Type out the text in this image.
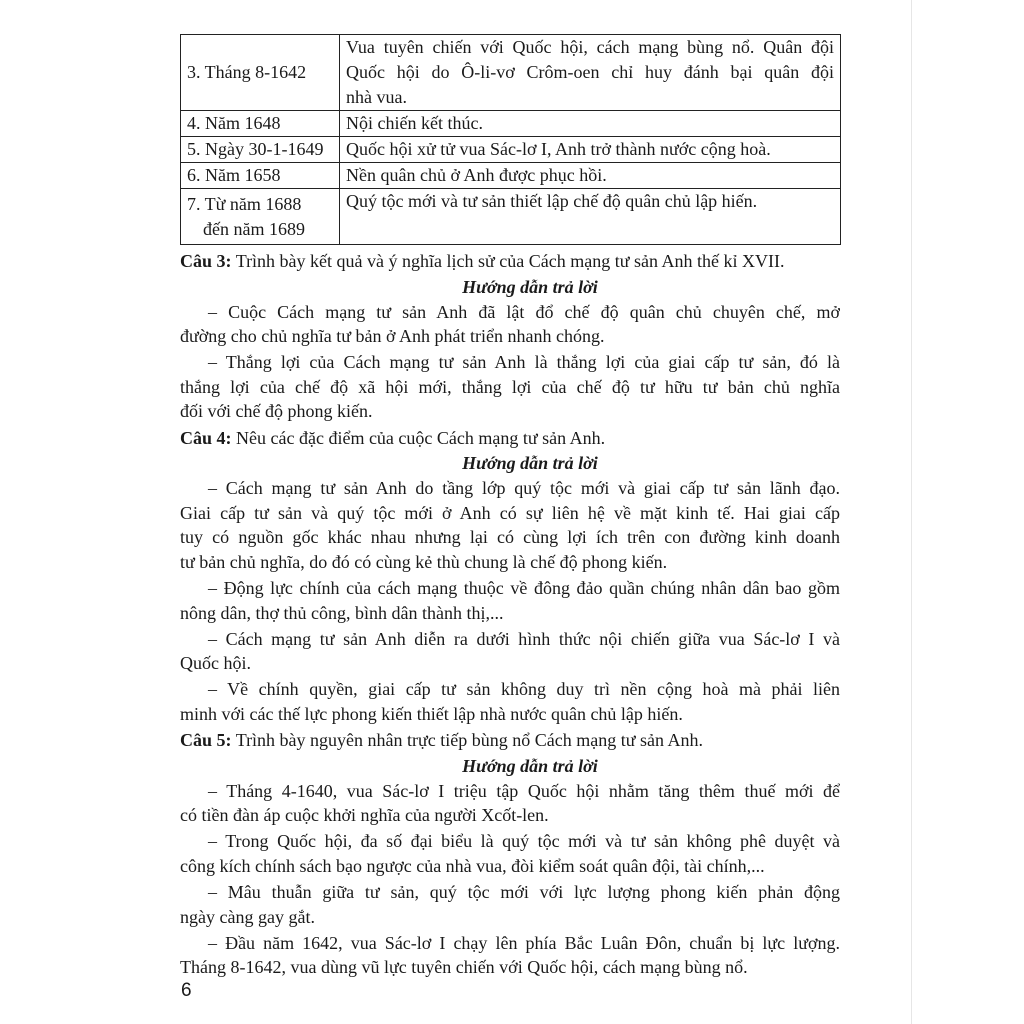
3. Tháng 8-1642	Vua tuyên chiến với Quốc hội, cách mạng bùng nổ. Quân đội
Quốc hội do Ô-li-vơ Crôm-oen chỉ huy đánh bại quân đội
nhà vua.

4. Năm 1648	Nội chiến kết thúc.

5. Ngày 30-1-1649	Quốc hội xử tử vua Sác-lơ I, Anh trở thành nước cộng hoà.

6. Năm 1658	Nền quân chủ ở Anh được phục hồi.

7. Từ năm 1688
đến năm 1689	Quý tộc mới và tư sản thiết lập chế độ quân chủ lập hiến.
Câu 3: Trình bày kết quả và ý nghĩa lịch sử của Cách mạng tư sản Anh thế kỉ XVII.
Hướng dẫn trả lời
– Cuộc Cách mạng tư sản Anh đã lật đổ chế độ quân chủ chuyên chế, mở
đường cho chủ nghĩa tư bản ở Anh phát triển nhanh chóng.
– Thắng lợi của Cách mạng tư sản Anh là thắng lợi của giai cấp tư sản, đó là
thắng lợi của chế độ xã hội mới, thắng lợi của chế độ tư hữu tư bản chủ nghĩa
đối với chế độ phong kiến.
Câu 4: Nêu các đặc điểm của cuộc Cách mạng tư sản Anh.
Hướng dẫn trả lời
– Cách mạng tư sản Anh do tầng lớp quý tộc mới và giai cấp tư sản lãnh đạo.
Giai cấp tư sản và quý tộc mới ở Anh có sự liên hệ về mặt kinh tế. Hai giai cấp
tuy có nguồn gốc khác nhau nhưng lại có cùng lợi ích trên con đường kinh doanh
tư bản chủ nghĩa, do đó có cùng kẻ thù chung là chế độ phong kiến.
– Động lực chính của cách mạng thuộc về đông đảo quần chúng nhân dân bao gồm
nông dân, thợ thủ công, bình dân thành thị,...
– Cách mạng tư sản Anh diễn ra dưới hình thức nội chiến giữa vua Sác-lơ I và
Quốc hội.
– Về chính quyền, giai cấp tư sản không duy trì nền cộng hoà mà phải liên
minh với các thế lực phong kiến thiết lập nhà nước quân chủ lập hiến.
Câu 5: Trình bày nguyên nhân trực tiếp bùng nổ Cách mạng tư sản Anh.
Hướng dẫn trả lời
– Tháng 4-1640, vua Sác-lơ I triệu tập Quốc hội nhằm tăng thêm thuế mới để
có tiền đàn áp cuộc khởi nghĩa của người Xcốt-len.
– Trong Quốc hội, đa số đại biểu là quý tộc mới và tư sản không phê duyệt và
công kích chính sách bạo ngược của nhà vua, đòi kiểm soát quân đội, tài chính,...
– Mâu thuẫn giữa tư sản, quý tộc mới với lực lượng phong kiến phản động
ngày càng gay gắt.
– Đầu năm 1642, vua Sác-lơ I chạy lên phía Bắc Luân Đôn, chuẩn bị lực lượng.
Tháng 8-1642, vua dùng vũ lực tuyên chiến với Quốc hội, cách mạng bùng nổ.
6
